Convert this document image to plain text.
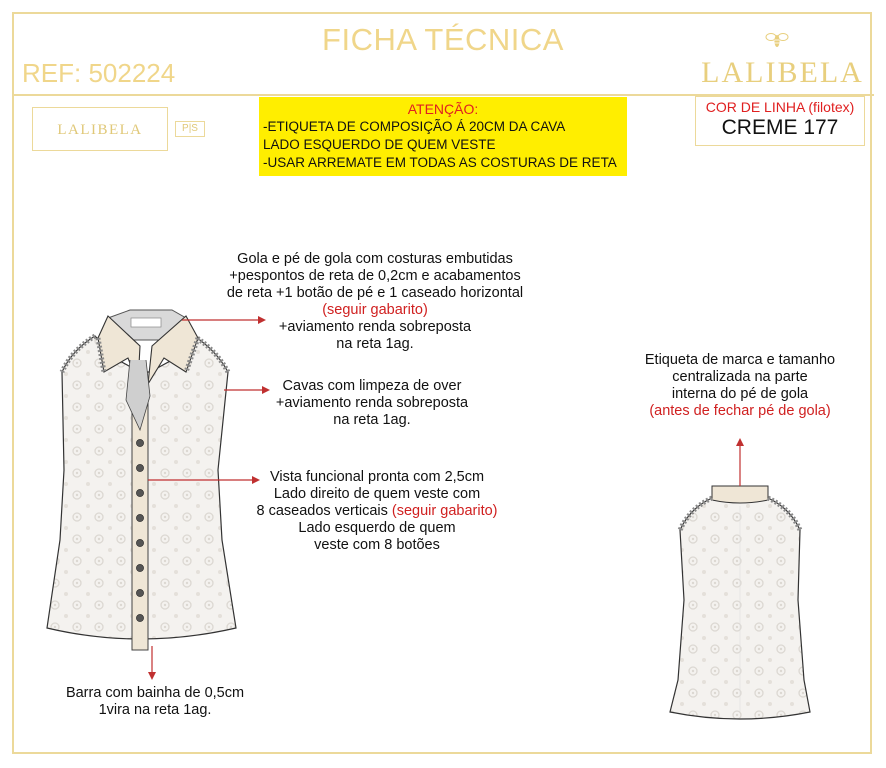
FICHA TÉCNICA
REF: 502224	LALIBELA
LALIBELA	P|S
ATENÇÃO:
-ETIQUETA DE COMPOSIÇÃO Á 20CM DA CAVA
LADO ESQUERDO DE QUEM VESTE
-USAR ARREMATE EM TODAS AS COSTURAS DE RETA
COR DE LINHA (filotex)
CREME 177
Gola e pé de gola com costuras embutidas
+pespontos de reta de 0,2cm e acabamentos
de reta +1 botão de pé e 1 caseado horizontal
(seguir gabarito)
+aviamento renda sobreposta
na reta 1ag.
Cavas com limpeza de over
+aviamento renda sobreposta
na reta 1ag.
Vista funcional pronta com 2,5cm
Lado direito de quem veste com
8 caseados verticais (seguir gabarito)
Lado esquerdo de quem
veste com 8 botões
Barra com bainha de 0,5cm
1vira na reta 1ag.
Etiqueta de marca e tamanho
centralizada na parte
interna do pé de gola
(antes de fechar pé de gola)
